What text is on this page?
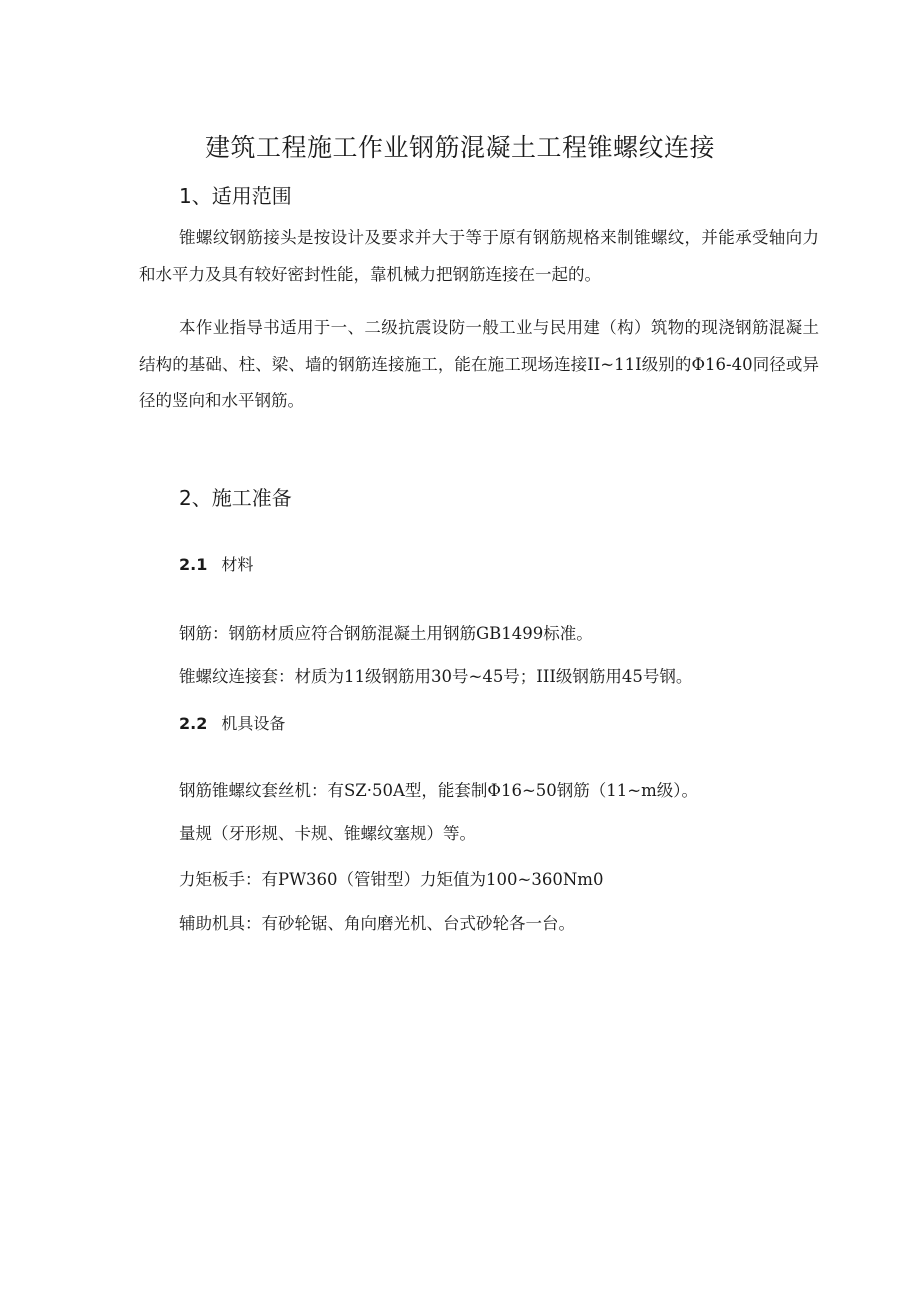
建筑工程施工作业钢筋混凝土工程锥螺纹连接
1、适用范围
锥螺纹钢筋接头是按设计及要求并大于等于原有钢筋规格来制锥螺纹，并能承受轴向力和水平力及具有较好密封性能，靠机械力把钢筋连接在一起的。
本作业指导书适用于一、二级抗震设防一般工业与民用建（构）筑物的现浇钢筋混凝土结构的基础、柱、梁、墙的钢筋连接施工，能在施工现场连接II~11I级别的Φ16-40同径或异径的竖向和水平钢筋。
2、施工准备
2.1 材料
钢筋：钢筋材质应符合钢筋混凝土用钢筋GB1499标准。
锥螺纹连接套：材质为11级钢筋用30号~45号；III级钢筋用45号钢。
2.2 机具设备
钢筋锥螺纹套丝机：有SZ·50A型，能套制Φ16~50钢筋（11~m级）。
量规（牙形规、卡规、锥螺纹塞规）等。
力矩板手：有PW360（管钳型）力矩值为100~360Nm0
辅助机具：有砂轮锯、角向磨光机、台式砂轮各一台。
